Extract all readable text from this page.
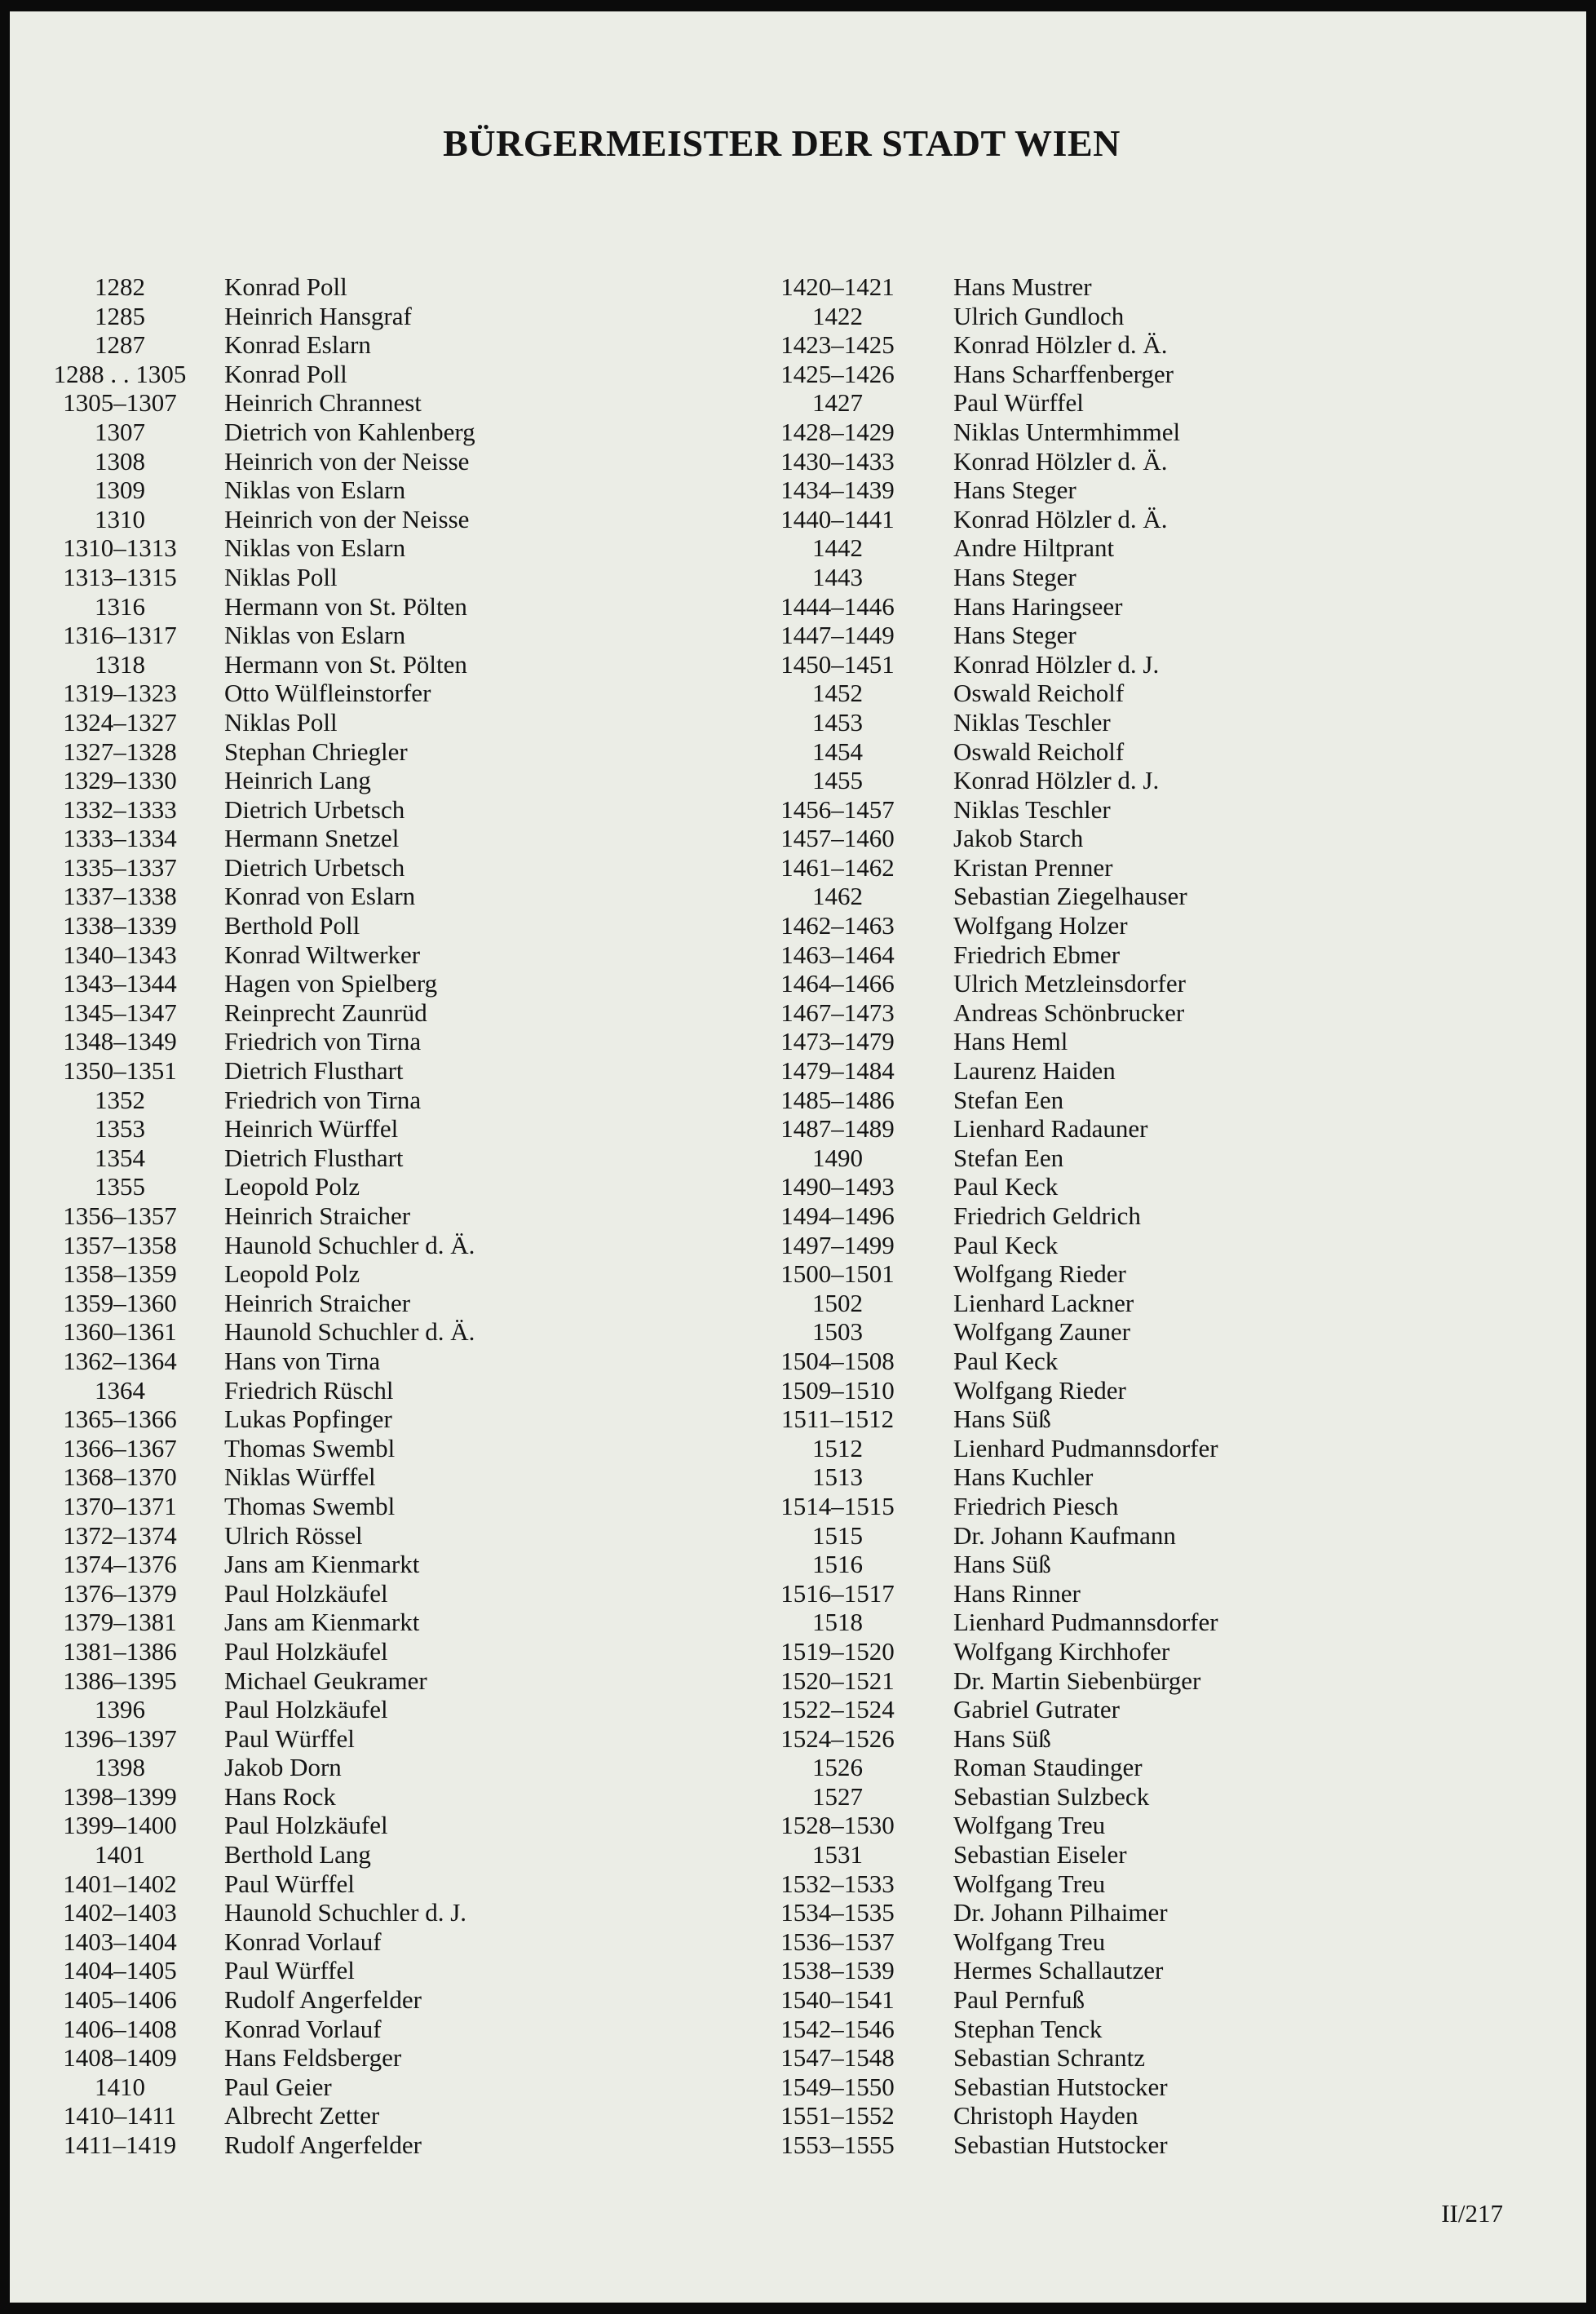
BÜRGERMEISTER DER STADT WIEN
1282	Konrad Poll
1285	Heinrich Hansgraf
1287	Konrad Eslarn
1288 . . 1305	Konrad Poll
1305–1307	Heinrich Chrannest
1307	Dietrich von Kahlenberg
1308	Heinrich von der Neisse
1309	Niklas von Eslarn
1310	Heinrich von der Neisse
1310–1313	Niklas von Eslarn
1313–1315	Niklas Poll
1316	Hermann von St. Pölten
1316–1317	Niklas von Eslarn
1318	Hermann von St. Pölten
1319–1323	Otto Wülfleinstorfer
1324–1327	Niklas Poll
1327–1328	Stephan Chriegler
1329–1330	Heinrich Lang
1332–1333	Dietrich Urbetsch
1333–1334	Hermann Snetzel
1335–1337	Dietrich Urbetsch
1337–1338	Konrad von Eslarn
1338–1339	Berthold Poll
1340–1343	Konrad Wiltwerker
1343–1344	Hagen von Spielberg
1345–1347	Reinprecht Zaunrüd
1348–1349	Friedrich von Tirna
1350–1351	Dietrich Flusthart
1352	Friedrich von Tirna
1353	Heinrich Würffel
1354	Dietrich Flusthart
1355	Leopold Polz
1356–1357	Heinrich Straicher
1357–1358	Haunold Schuchler d. Ä.
1358–1359	Leopold Polz
1359–1360	Heinrich Straicher
1360–1361	Haunold Schuchler d. Ä.
1362–1364	Hans von Tirna
1364	Friedrich Rüschl
1365–1366	Lukas Popfinger
1366–1367	Thomas Swembl
1368–1370	Niklas Würffel
1370–1371	Thomas Swembl
1372–1374	Ulrich Rössel
1374–1376	Jans am Kienmarkt
1376–1379	Paul Holzkäufel
1379–1381	Jans am Kienmarkt
1381–1386	Paul Holzkäufel
1386–1395	Michael Geukramer
1396	Paul Holzkäufel
1396–1397	Paul Würffel
1398	Jakob Dorn
1398–1399	Hans Rock
1399–1400	Paul Holzkäufel
1401	Berthold Lang
1401–1402	Paul Würffel
1402–1403	Haunold Schuchler d. J.
1403–1404	Konrad Vorlauf
1404–1405	Paul Würffel
1405–1406	Rudolf Angerfelder
1406–1408	Konrad Vorlauf
1408–1409	Hans Feldsberger
1410	Paul Geier
1410–1411	Albrecht Zetter
1411–1419	Rudolf Angerfelder
1420–1421	Hans Mustrer
1422	Ulrich Gundloch
1423–1425	Konrad Hölzler d. Ä.
1425–1426	Hans Scharffenberger
1427	Paul Würffel
1428–1429	Niklas Untermhimmel
1430–1433	Konrad Hölzler d. Ä.
1434–1439	Hans Steger
1440–1441	Konrad Hölzler d. Ä.
1442	Andre Hiltprant
1443	Hans Steger
1444–1446	Hans Haringseer
1447–1449	Hans Steger
1450–1451	Konrad Hölzler d. J.
1452	Oswald Reicholf
1453	Niklas Teschler
1454	Oswald Reicholf
1455	Konrad Hölzler d. J.
1456–1457	Niklas Teschler
1457–1460	Jakob Starch
1461–1462	Kristan Prenner
1462	Sebastian Ziegelhauser
1462–1463	Wolfgang Holzer
1463–1464	Friedrich Ebmer
1464–1466	Ulrich Metzleinsdorfer
1467–1473	Andreas Schönbrucker
1473–1479	Hans Heml
1479–1484	Laurenz Haiden
1485–1486	Stefan Een
1487–1489	Lienhard Radauner
1490	Stefan Een
1490–1493	Paul Keck
1494–1496	Friedrich Geldrich
1497–1499	Paul Keck
1500–1501	Wolfgang Rieder
1502	Lienhard Lackner
1503	Wolfgang Zauner
1504–1508	Paul Keck
1509–1510	Wolfgang Rieder
1511–1512	Hans Süß
1512	Lienhard Pudmannsdorfer
1513	Hans Kuchler
1514–1515	Friedrich Piesch
1515	Dr. Johann Kaufmann
1516	Hans Süß
1516–1517	Hans Rinner
1518	Lienhard Pudmannsdorfer
1519–1520	Wolfgang Kirchhofer
1520–1521	Dr. Martin Siebenbürger
1522–1524	Gabriel Gutrater
1524–1526	Hans Süß
1526	Roman Staudinger
1527	Sebastian Sulzbeck
1528–1530	Wolfgang Treu
1531	Sebastian Eiseler
1532–1533	Wolfgang Treu
1534–1535	Dr. Johann Pilhaimer
1536–1537	Wolfgang Treu
1538–1539	Hermes Schallautzer
1540–1541	Paul Pernfuß
1542–1546	Stephan Tenck
1547–1548	Sebastian Schrantz
1549–1550	Sebastian Hutstocker
1551–1552	Christoph Hayden
1553–1555	Sebastian Hutstocker
II/217
